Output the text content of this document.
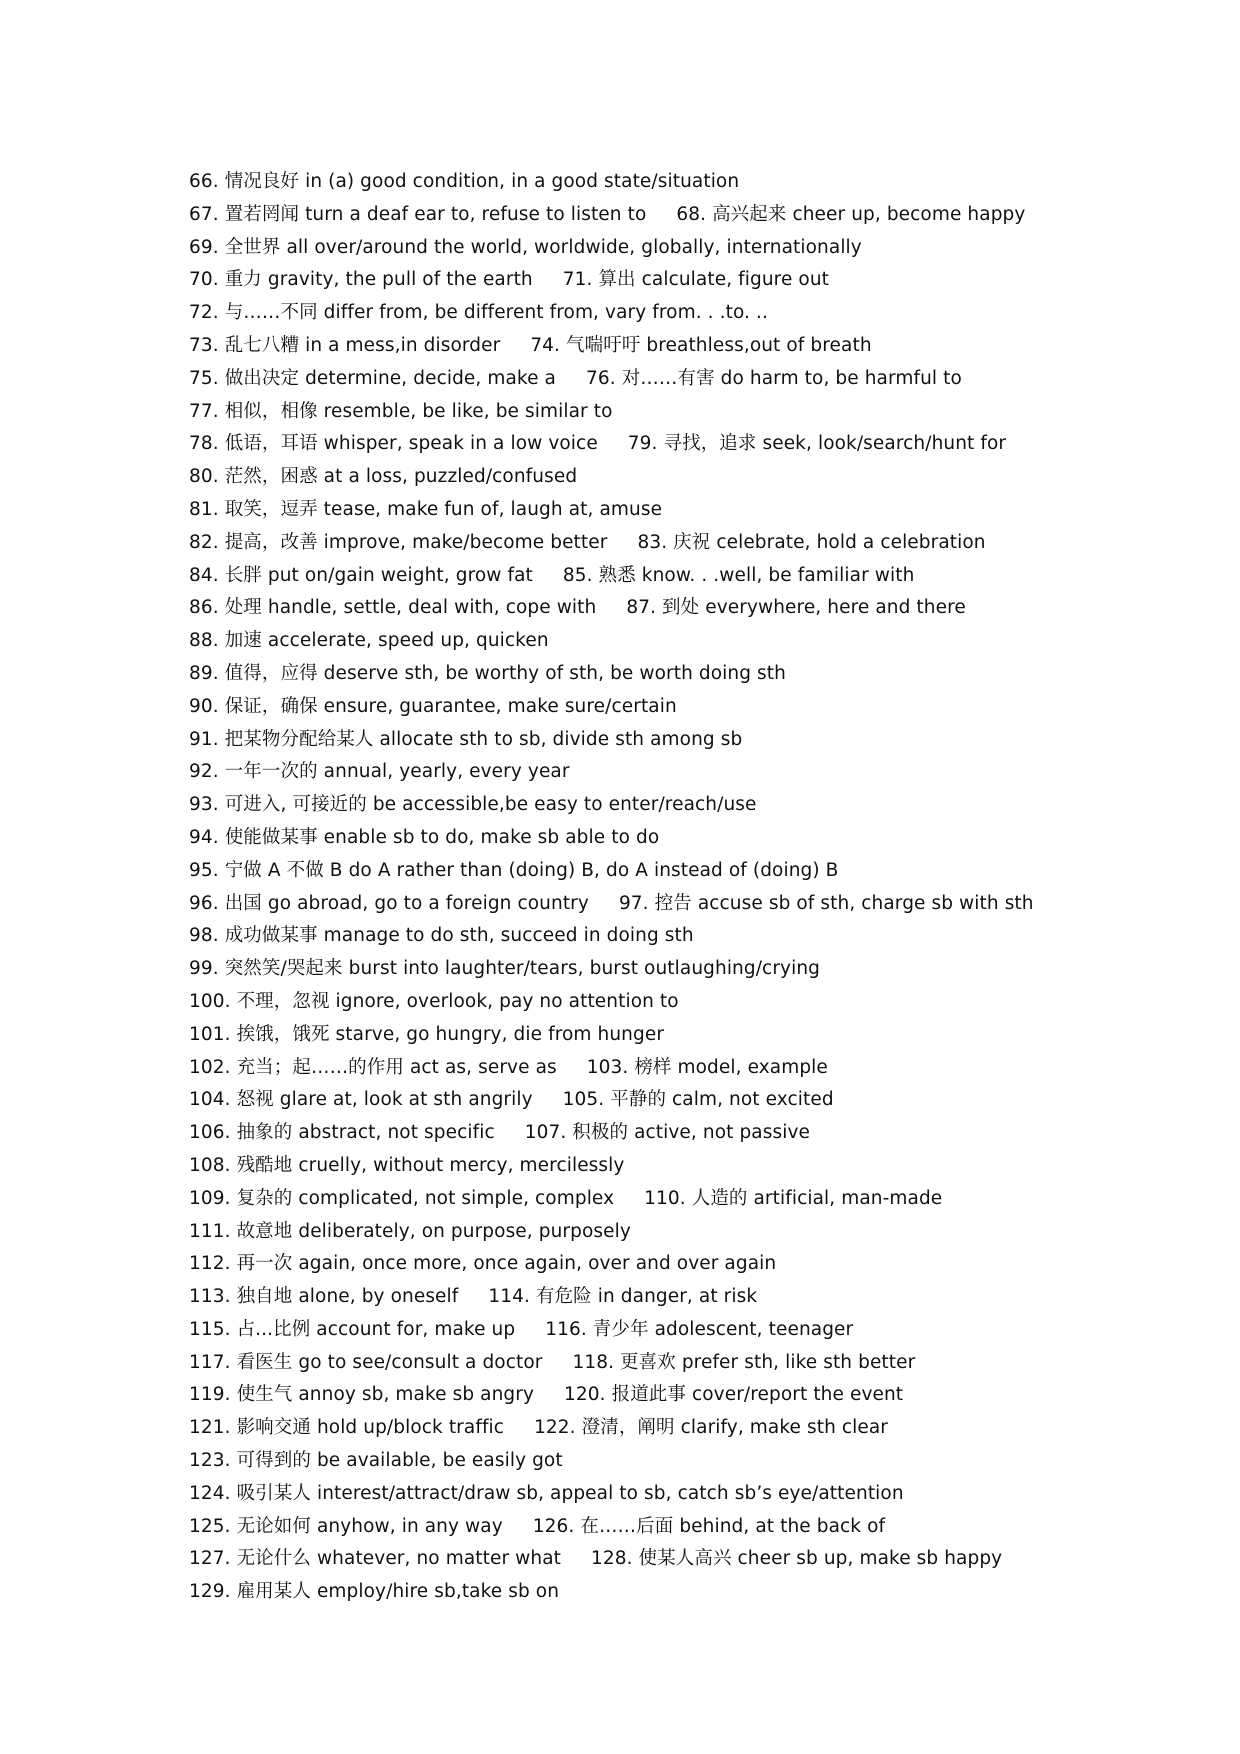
66. 情况良好 in (a) good condition, in a good state/situation
67. 置若罔闻 turn a deaf ear to, refuse to listen to 68. 高兴起来 cheer up, become happy
69. 全世界 all over/around the world, worldwide, globally, internationally
70. 重力 gravity, the pull of the earth 71. 算出 calculate, figure out
72. 与……不同 differ from, be different from, vary from. . .to. ..
73. 乱七八糟 in a mess,in disorder 74. 气喘吁吁 breathless,out of breath
75. 做出决定 determine, decide, make a 76. 对……有害 do harm to, be harmful to
77. 相似，相像 resemble, be like, be similar to
78. 低语，耳语 whisper, speak in a low voice 79. 寻找，追求 seek, look/search/hunt for
80. 茫然，困惑 at a loss, puzzled/confused
81. 取笑，逗弄 tease, make fun of, laugh at, amuse
82. 提高，改善 improve, make/become better 83. 庆祝 celebrate, hold a celebration
84. 长胖 put on/gain weight, grow fat 85. 熟悉 know. . .well, be familiar with
86. 处理 handle, settle, deal with, cope with 87. 到处 everywhere, here and there
88. 加速 accelerate, speed up, quicken
89. 值得，应得 deserve sth, be worthy of sth, be worth doing sth
90. 保证，确保 ensure, guarantee, make sure/certain
91. 把某物分配给某人 allocate sth to sb, divide sth among sb
92. 一年一次的 annual, yearly, every year
93. 可进入, 可接近的 be accessible,be easy to enter/reach/use
94. 使能做某事 enable sb to do, make sb able to do
95. 宁做 A 不做 B do A rather than (doing) B, do A instead of (doing) B
96. 出国 go abroad, go to a foreign country 97. 控告 accuse sb of sth, charge sb with sth
98. 成功做某事 manage to do sth, succeed in doing sth
99. 突然笑/哭起来 burst into laughter/tears, burst outlaughing/crying
100. 不理，忽视 ignore, overlook, pay no attention to
101. 挨饿，饿死 starve, go hungry, die from hunger
102. 充当；起……的作用 act as, serve as 103. 榜样 model, example
104. 怒视 glare at, look at sth angrily 105. 平静的 calm, not excited
106. 抽象的 abstract, not specific 107. 积极的 active, not passive
108. 残酷地 cruelly, without mercy, mercilessly
109. 复杂的 complicated, not simple, complex 110. 人造的 artificial, man-made
111. 故意地 deliberately, on purpose, purposely
112. 再一次 again, once more, once again, over and over again
113. 独自地 alone, by oneself 114. 有危险 in danger, at risk
115. 占...比例 account for, make up 116. 青少年 adolescent, teenager
117. 看医生 go to see/consult a doctor 118. 更喜欢 prefer sth, like sth better
119. 使生气 annoy sb, make sb angry 120. 报道此事 cover/report the event
121. 影响交通 hold up/block traffic 122. 澄清，阐明 clarify, make sth clear
123. 可得到的 be available, be easily got
124. 吸引某人 interest/attract/draw sb, appeal to sb, catch sb’s eye/attention
125. 无论如何 anyhow, in any way 126. 在……后面 behind, at the back of
127. 无论什么 whatever, no matter what 128. 使某人高兴 cheer sb up, make sb happy
129. 雇用某人 employ/hire sb,take sb on
